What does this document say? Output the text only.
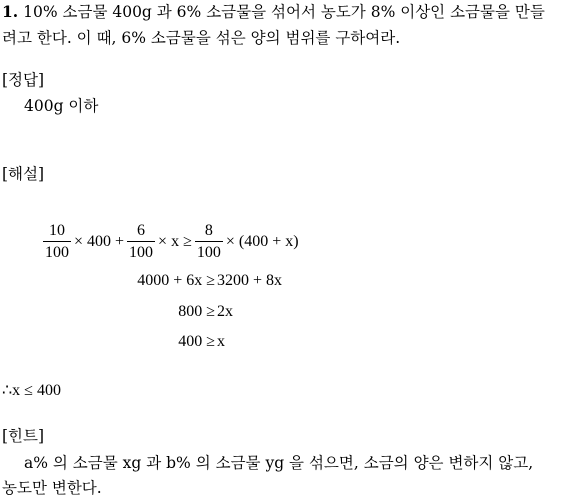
1. 10% 소금물 400g 과 6% 소금물을 섞어서 농도가 8% 이상인 소금물을 만들
려고 한다. 이 때, 6% 소금물을 섞은 양의 범위를 구하여라.
[정답]
400g 이하
[해설]
$\frac{10}{100} \times 400 + \frac{6}{100} \times x \ge \frac{8}{100} \times (400 + x)$
4000 + 6x ≥ 3200 + 8x
800 ≥ 2x
400 ≥ x
∴x ≤ 400
[힌트]
a% 의 소금물 xg 과 b% 의 소금물 yg 을 섞으면, 소금의 양은 변하지 않고,
농도만 변한다.
